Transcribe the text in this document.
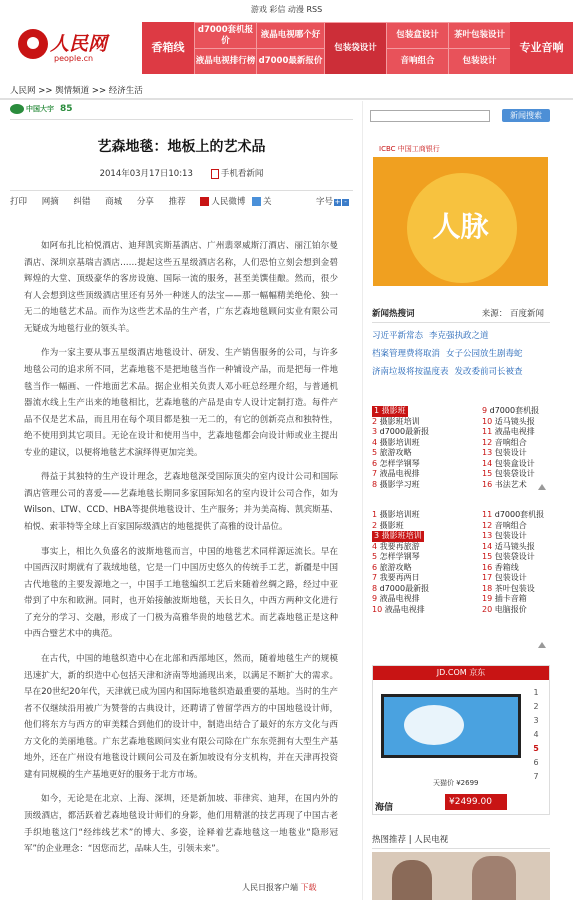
游戏 彩信 动漫 RSS
人民网
people.cn
香箱线
d7000套机报价
液晶电视哪个好
包装袋设计
包装盒设计	茶叶包装设计
专业音响
液晶电视排行榜 d7000最新报价	音响组合	包装设计
人民网 >> 舆情频道 >> 经济生活
中国大宇 85
艺森地毯：地板上的艺术品
2014年03月17日10:13	手机看新闻
打印 网摘 纠错 商城 分享 推荐	人民微博 关	字号 + -

如阿布扎比柏悦酒店、迪拜凯宾斯基酒店、广州翡翠威斯汀酒店、丽江铂尔曼酒店、深圳京基瑞吉酒店……提起这些五星级酒店名称，人们恐怕立刻会想到金碧辉煌的大堂、顶级豪华的客房设施、国际一流的服务，甚至美馔佳酿。然而，很少有人会想到这些顶级酒店里还有另外一种迷人的法宝——那一幅幅精美绝伦、独一无二的地毯艺术品。而作为这些艺术品的生产者，广东艺森地毯顾问实业有限公司无疑成为地毯行业的领头羊。

作为一家主要从事五星级酒店地毯设计、研发、生产销售服务的公司，与许多地毯公司的追求所不同，艺森地毯不是把地毯当作一种铺设产品，而是把每一件地毯当作一幅画、一件地面艺术品。据企业相关负责人邓小旺总经理介绍，与普通机器流水线上生产出来的地毯相比，艺森地毯的产品是由专人设计定制打造。每件产品不仅是艺术品，而且用在每个项目都是独一无二的，有它的创新亮点和独特性，绝不使用到其它项目。无论在设计和使用当中，艺森地毯都会向设计师或业主提出专业的建议，以便将地毯艺术演绎得更加完美。

得益于其独特的生产设计理念，艺森地毯深受国际顶尖的室内设计公司和国际酒店管理公司的喜爱——艺森地毯长期同多家国际知名的室内设计公司合作，如为Wilson、LTW、CCD、HBA等提供地毯设计、生产服务；并为美高梅、凯宾斯基、柏悦、索菲特等全球上百家国际级酒店的地毯提供了高雅的设计品位。

事实上，相比久负盛名的波斯地毯而言，中国的地毯艺术同样源远流长。早在中国西汉时期就有了栽绒地毯，它是一门中国历史悠久的传统手工艺，新疆是中国古代地毯的主要发源地之一，中国手工地毯编织工艺后来随着丝绸之路，经过中亚带到了中东和欧洲。同时，也开始接触波斯地毯，天长日久，中西方两种文化进行了充分的学习、交融，形成了一门极为高雅华贵的地毯艺术。而艺森地毯正是这种中西合璧艺术中的典范。

在古代，中国的地毯织造中心在北部和西部地区，然而，随着地毯生产的规模迅速扩大，新的织造中心包括天津和济南等地涌现出来，以满足不断扩大的需求。早在20世纪20年代，天津就已成为国内和国际地毯织造最重要的基地。当时的生产者不仅继续沿用被广为赞誉的古典设计，还聘请了曾留学西方的中国地毯设计师，他们将东方与西方的审美糅合到他们的设计中，制造出结合了最好的东方文化与西方文化的美丽地毯。广东艺森地毯顾问实业有限公司除在广东东莞拥有大型生产基地外，还在广州设有地毯设计顾问公司及在新加坡设有分支机构，并在天津再投资建有同规模的生产基地更好的服务于北方市场。

如今，无论是在北京、上海、深圳，还是新加坡、菲律宾、迪拜，在国内外的顶级酒店，都活跃着艺森地毯设计师们的身影，他们用精湛的技艺再现了中国古老手织地毯这门“经纬线艺术”的博大、多姿，诠释着艺森地毯这一地毯业“隐形冠军”的企业理念：“因您而艺，品味人生，引领未来”。

人民日报客户端 下载
新闻搜索
ICBC 中国工商银行
人脉
新闻热搜词	来源： 百度新闻
习近平新常态 李克强执政之道
档案管理费将取消 女子公园放生剧毒蛇
济南垃圾将按温度表 发改委前司长被查
1 摄影班	9 d7000套机报
2 摄影班培训	10 适马镜头报
3 d7000最新报	11 液晶电视排
4 摄影培训班	12 音响组合
5 旅游攻略	13 包装设计
6 怎样学钢琴	14 包装盒设计
7 液晶电视排	15 包装袋设计
8 摄影学习班	16 书法艺术
1 摄影培训班	11 d7000套机报
2 摄影班	12 音响组合
3 摄影班培训	13 包装设计
4 我要再旅游	14 适马镜头报
5 怎样学钢琴	15 包装袋设计
6 旅游攻略	16 香箱线
7 我要再两日	17 包装设计
8 d7000最新报	18 茶叶包装设
9 液晶电视排	19 插卡音箱
10 液晶电视排	20 电脑报价
JD.COM 京东
1
2
3
4
5
6
7
天猫价 ¥2699
海信
¥2499.00
热图推荐 | 人民电视
